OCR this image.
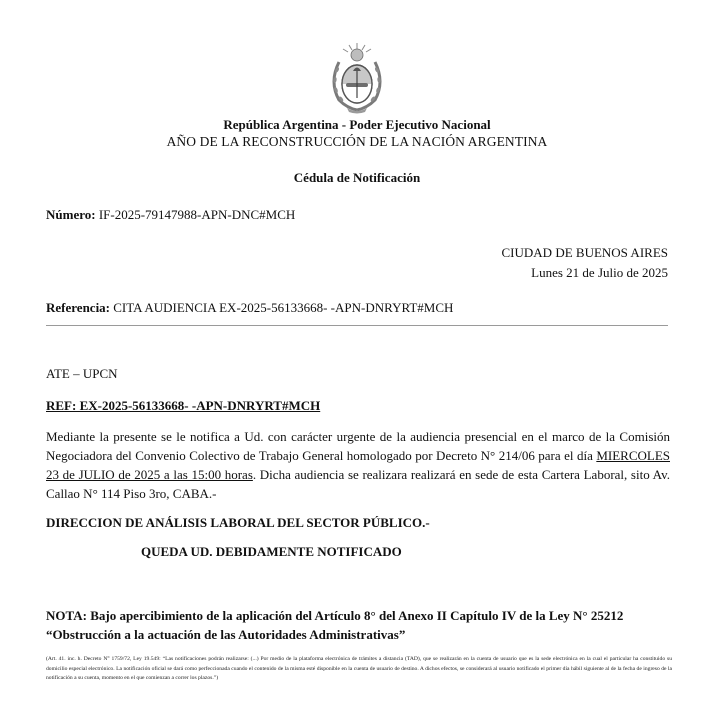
República Argentina - Poder Ejecutivo Nacional
AÑO DE LA RECONSTRUCCIÓN DE LA NACIÓN ARGENTINA
Cédula de Notificación
Número: IF-2025-79147988-APN-DNC#MCH
CIUDAD DE BUENOS AIRES
Lunes 21 de Julio de 2025
Referencia: CITA AUDIENCIA EX-2025-56133668- -APN-DNRYRT#MCH
ATE – UPCN
REF: EX-2025-56133668- -APN-DNRYRT#MCH
Mediante la presente se le notifica a Ud. con carácter urgente de la audiencia presencial en el marco de la Comisión Negociadora del Convenio Colectivo de Trabajo General homologado por Decreto N° 214/06 para el día MIERCOLES 23 de JULIO de 2025 a las 15:00 horas. Dicha audiencia se realizara realizará en sede de esta Cartera Laboral, sito Av. Callao N° 114 Piso 3ro, CABA.-
DIRECCION DE ANÁLISIS LABORAL DEL SECTOR PÚBLICO.-
QUEDA UD. DEBIDAMENTE NOTIFICADO
NOTA: Bajo apercibimiento de la aplicación del Artículo 8° del Anexo II Capítulo IV de la Ley N° 25212 “Obstrucción a la actuación de las Autoridades Administrativas”
(Art. 41. inc. h. Decreto N° 1759/72, Ley 19.549: “Las notificaciones podrán realizarse: (...) Por medio de la plataforma electrónica de trámites a distancia (TAD), que se realizarán en la cuenta de usuario que es la sede electrónica en la cual el particular ha constituido su domicilio especial electrónico. La notificación oficial se dará como perfeccionada cuando el contenido de la misma esté disponible en la cuenta de usuario de destino. A dichos efectos, se considerará al usuario notificado el primer día hábil siguiente al de la fecha de ingreso de la notificación a su cuenta, momento en el que comienzan a correr los plazos.”)
